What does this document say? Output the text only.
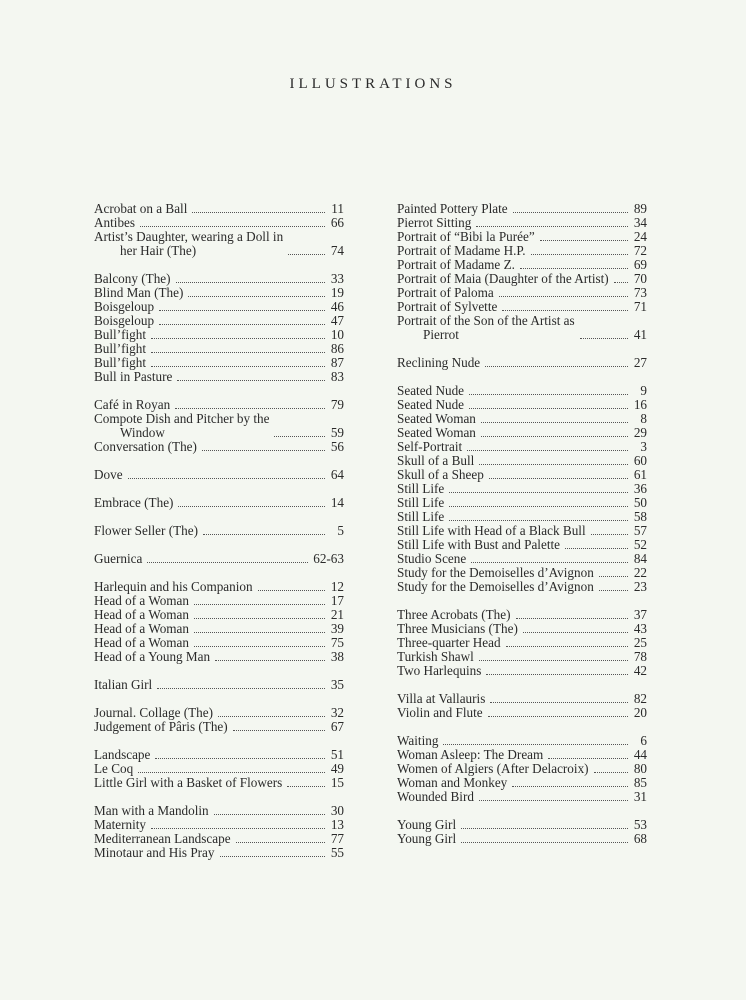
ILLUSTRATIONS
Acrobat on a Ball	11
Antibes	66
Artist’s Daughter, wearing a Doll in
her Hair (The)	74
Balcony (The)	33
Blind Man (The)	19
Boisgeloup	46
Boisgeloup	47
Bull’fight	10
Bull’fight	86
Bull’fight	87
Bull in Pasture	83
Café in Royan	79
Compote Dish and Pitcher by the
Window	59
Conversation (The)	56
Dove	64
Embrace (The)	14
Flower Seller (The)	5
Guernica	62-63
Harlequin and his Companion	12
Head of a Woman	17
Head of a Woman	21
Head of a Woman	39
Head of a Woman	75
Head of a Young Man	38
Italian Girl	35
Journal. Collage (The)	32
Judgement of Pâris (The)	67
Landscape	51
Le Coq	49
Little Girl with a Basket of Flowers	15
Man with a Mandolin	30
Maternity	13
Mediterranean Landscape	77
Minotaur and His Pray	55
Painted Pottery Plate	89
Pierrot Sitting	34
Portrait of “Bibi la Purée”	24
Portrait of Madame H.P.	72
Portrait of Madame Z.	69
Portrait of Maia (Daughter of the Artist) 70
Portrait of Paloma	73
Portrait of Sylvette	71
Portrait of the Son of the Artist as
Pierrot	41
Reclining Nude	27
Seated Nude	9
Seated Nude	16
Seated Woman	8
Seated Woman	29
Self-Portrait	3
Skull of a Bull	60
Skull of a Sheep	61
Still Life	36
Still Life	50
Still Life	58
Still Life with Head of a Black Bull	57
Still Life with Bust and Palette	52
Studio Scene	84
Study for the Demoiselles d’Avignon	22
Study for the Demoiselles d’Avignon	23
Three Acrobats (The)	37
Three Musicians (The)	43
Three-quarter Head	25
Turkish Shawl	78
Two Harlequins	42
Villa at Vallauris	82
Violin and Flute	20
Waiting	6
Woman Asleep: The Dream	44
Women of Algiers (After Delacroix)	80
Woman and Monkey	85
Wounded Bird	31
Young Girl	53
Young Girl	68
